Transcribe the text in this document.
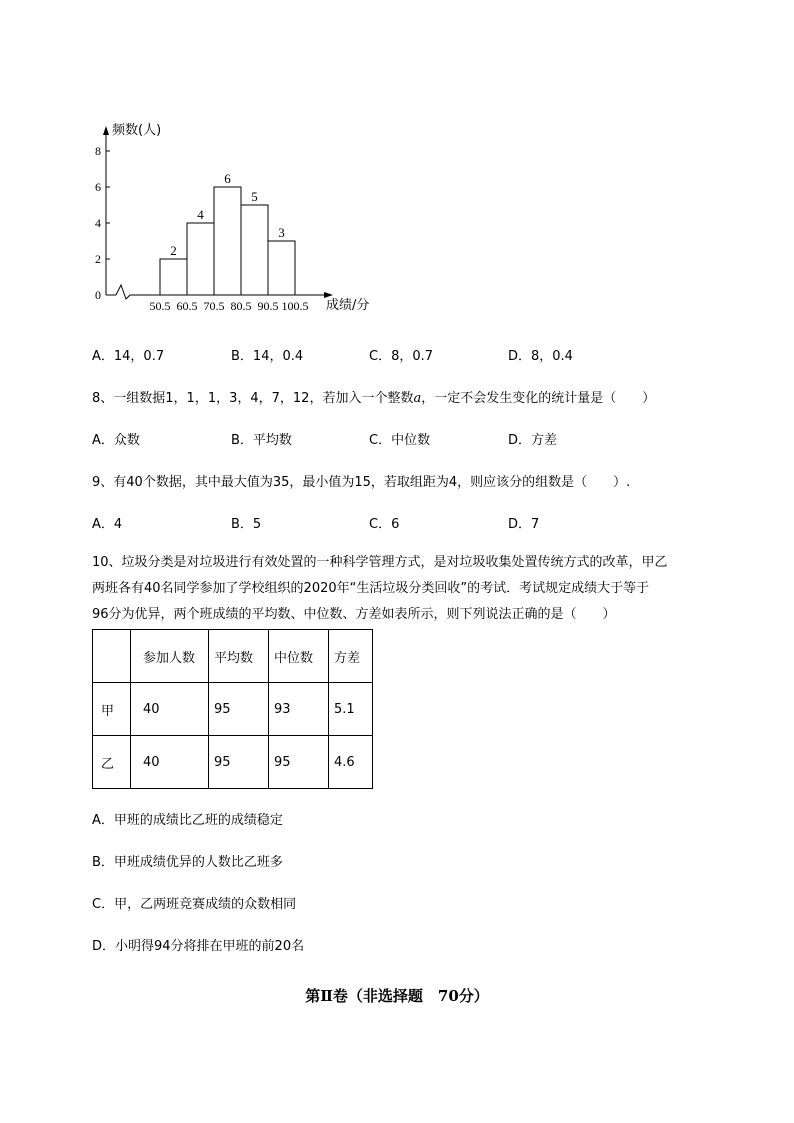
频数(人)
成绩/分
0
2
4
6
8
2
4
6
5
3
50.5 60.5 70.5 80.5 90.5 100.5
A．14，0.7	B．14，0.4	C．8，0.7	D．8，0.4
8、一组数据1，1，1，3，4，7，12，若加入一个整数a，一定不会发生变化的统计量是（　　）
A．众数	B．平均数	C．中位数	D．方差
9、有40个数据，其中最大值为35，最小值为15，若取组距为4，则应该分的组数是（　　）.
A．4	B．5	C．6	D．7
10、垃圾分类是对垃圾进行有效处置的一种科学管理方式，是对垃圾收集处置传统方式的改革，甲乙
两班各有40名同学参加了学校组织的2020年“生活垃圾分类回收”的考试．考试规定成绩大于等于
96分为优异，两个班成绩的平均数、中位数、方差如表所示，则下列说法正确的是（　　）
	参加人数	平均数	中位数	方差
甲	40	95	93	5.1
乙	40	95	95	4.6
A．甲班的成绩比乙班的成绩稳定
B．甲班成绩优异的人数比乙班多
C．甲，乙两班竞赛成绩的众数相同
D．小明得94分将排在甲班的前20名
第Ⅱ卷（非选择题　70分）
